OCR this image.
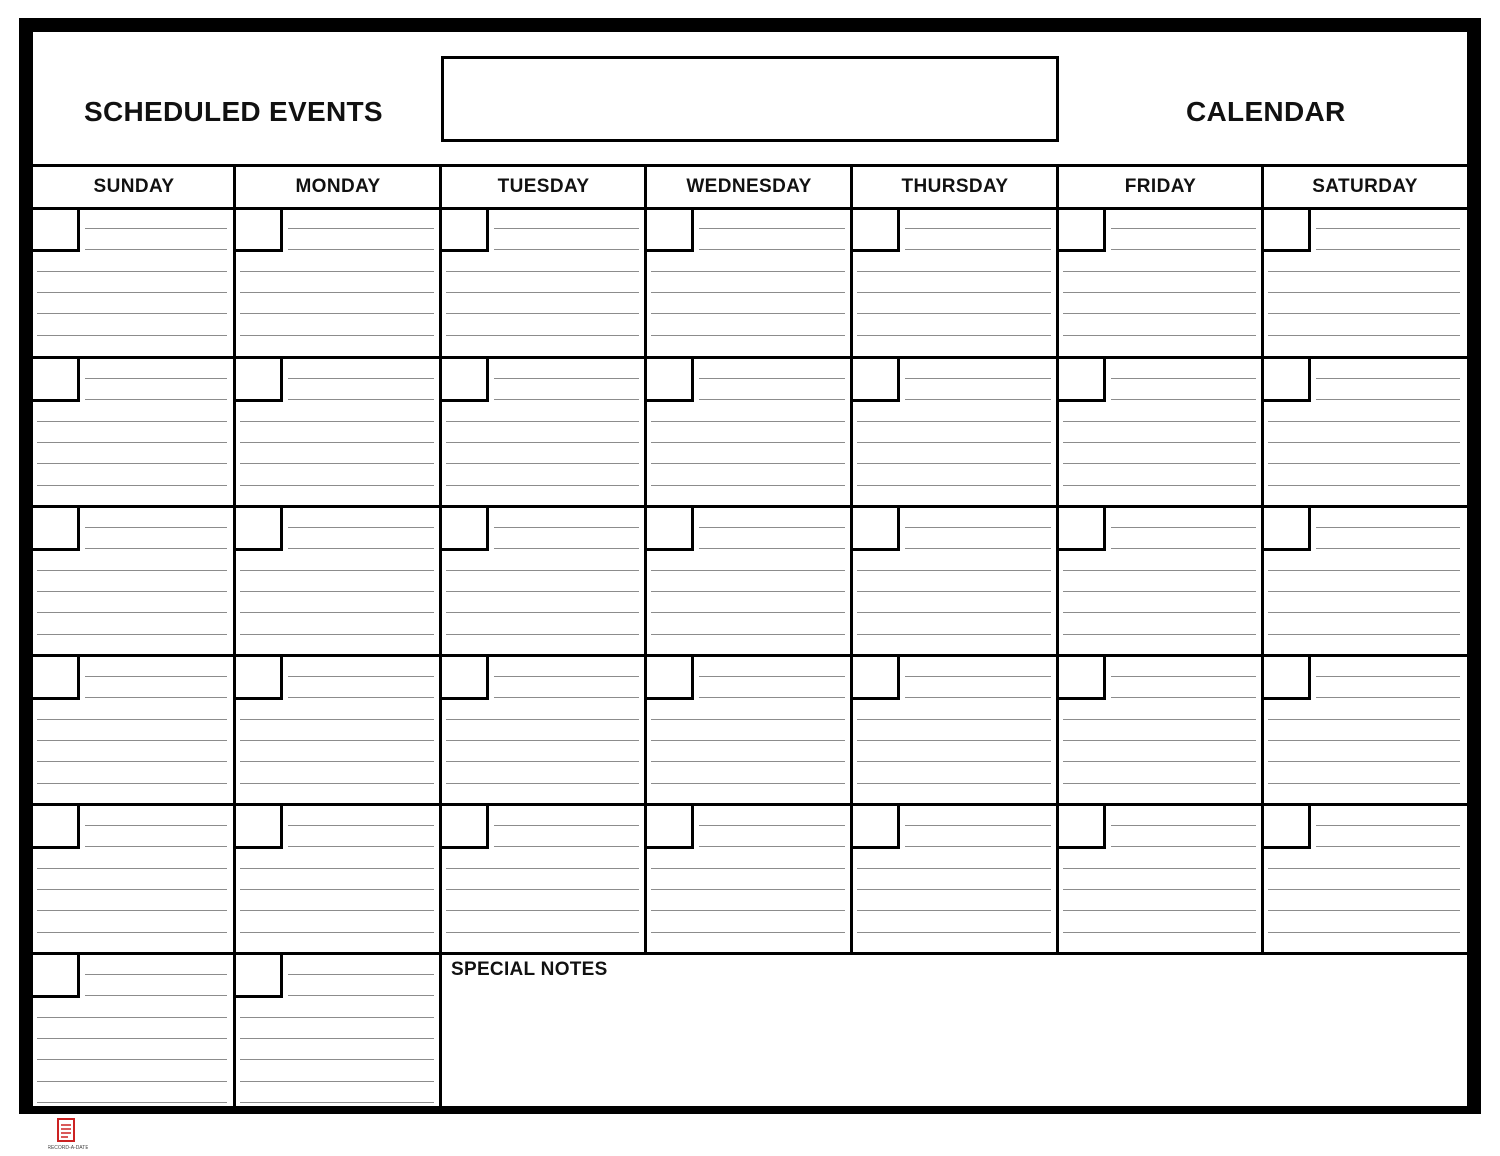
SCHEDULED EVENTS	CALENDAR
SUNDAY	MONDAY	TUESDAY	WEDNESDAY	THURSDAY	FRIDAY	SATURDAY
SPECIAL NOTES
RECORD-A-DATE
